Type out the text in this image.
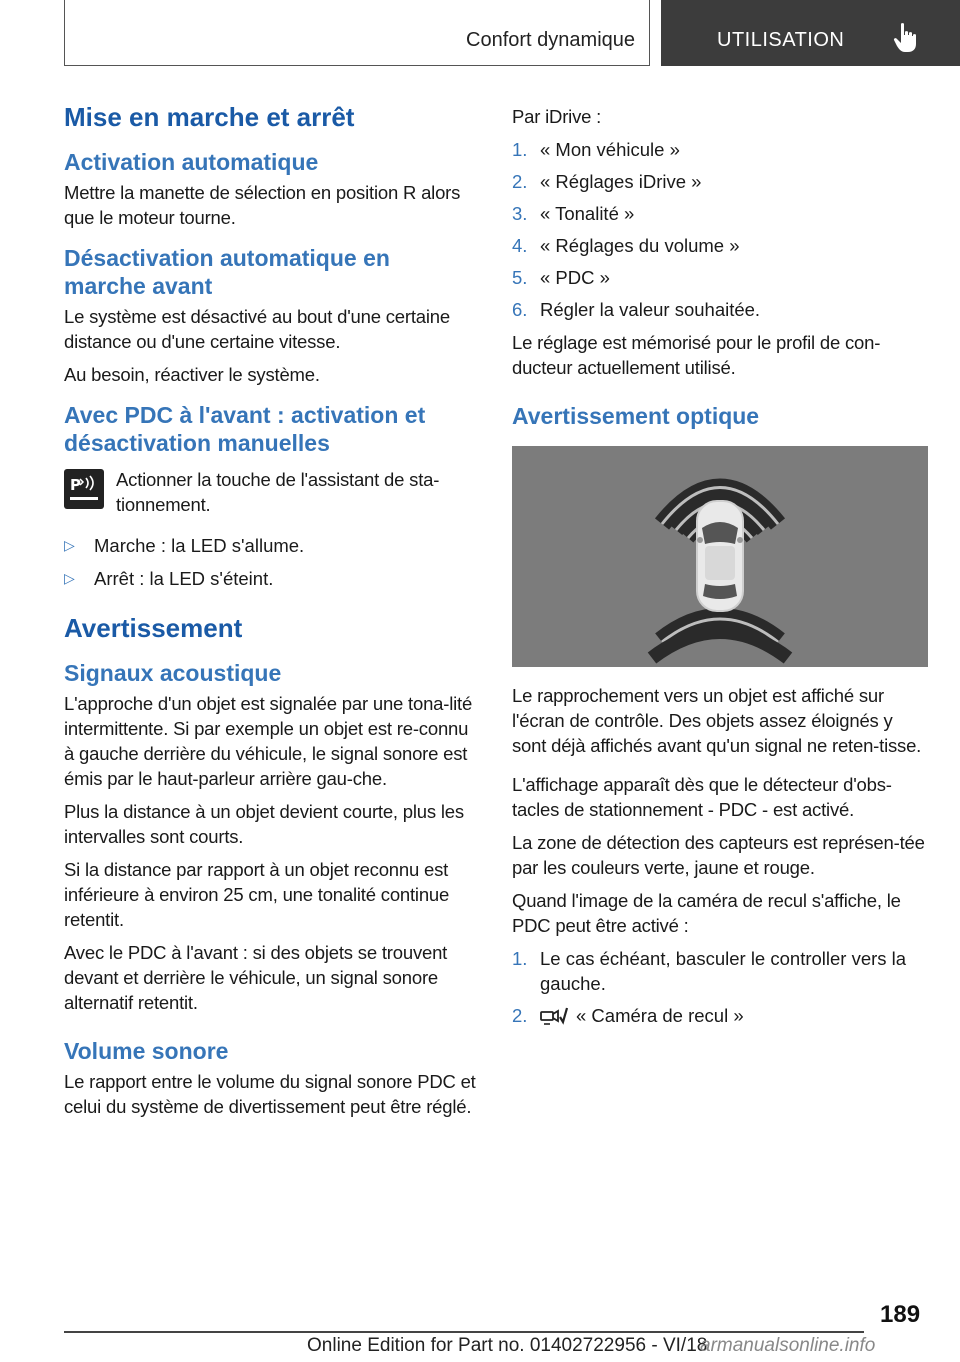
Confort dynamique	UTILISATION
Mise en marche et arrêt
Activation automatique

Mettre la manette de sélection en position R alors que le moteur tourne.

Désactivation automatique en marche avant

Le système est désactivé au bout d'une certaine distance ou d'une certaine vitesse.

Au besoin, réactiver le système.

Avec PDC à l'avant : activation et désactivation manuelles
P Actionner la touche de l'assistant de sta-tionnement.

▷	Marche : la LED s'allume.
▷	Arrêt : la LED s'éteint.
Avertissement
Signaux acoustique

L'approche d'un objet est signalée par une tona-lité intermittente. Si par exemple un objet est re-connu à gauche derrière du véhicule, le signal sonore est émis par le haut-parleur arrière gau-che.

Plus la distance à un objet devient courte, plus les intervalles sont courts.

Si la distance par rapport à un objet reconnu est inférieure à environ 25 cm, une tonalité continue retentit.

Avec le PDC à l'avant : si des objets se trouvent devant et derrière le véhicule, un signal sonore alternatif retentit.

Volume sonore

Le rapport entre le volume du signal sonore PDC et celui du système de divertissement peut être réglé.

Par iDrive :

1. « Mon véhicule »
2. « Réglages iDrive »
3. « Tonalité »
4. « Réglages du volume »
5. « PDC »
6. Régler la valeur souhaitée.

Le réglage est mémorisé pour le profil de con-ducteur actuellement utilisé.

Avertissement optique

Le rapprochement vers un objet est affiché sur l'écran de contrôle. Des objets assez éloignés y sont déjà affichés avant qu'un signal ne reten-tisse.

L'affichage apparaît dès que le détecteur d'obs-tacles de stationnement - PDC - est activé.

La zone de détection des capteurs est représen-tée par les couleurs verte, jaune et rouge.

Quand l'image de la caméra de recul s'affiche, le PDC peut être activé :

1. Le cas échéant, basculer le controller vers la gauche.
2.	« Caméra de recul »
189
Online Edition for Part no. 01402722956 - VI/18
armanualsonline.info
